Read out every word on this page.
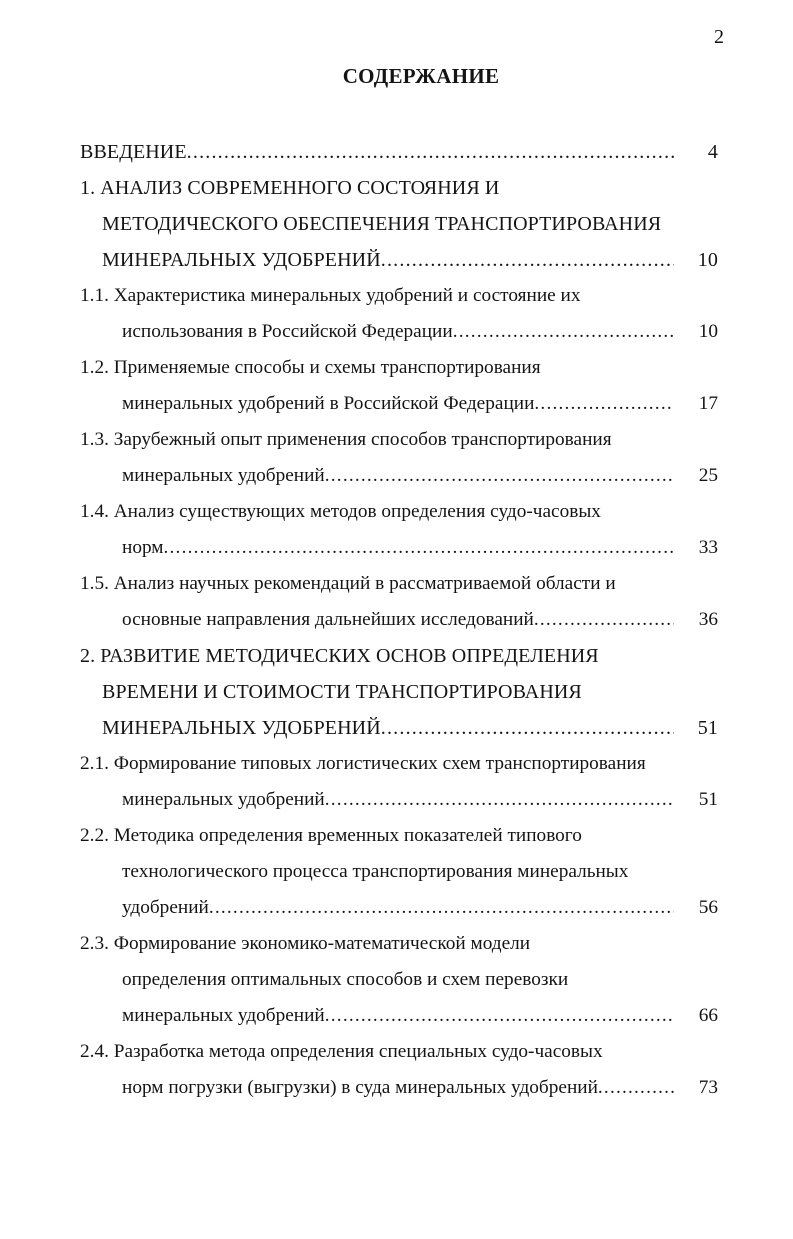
2
СОДЕРЖАНИЕ
ВВЕДЕНИЕ .....	4
1. АНАЛИЗ СОВРЕМЕННОГО СОСТОЯНИЯ И
МЕТОДИЧЕСКОГО ОБЕСПЕЧЕНИЯ ТРАНСПОРТИРОВАНИЯ
МИНЕРАЛЬНЫХ УДОБРЕНИЙ .....	10
1.1. Характеристика минеральных удобрений и состояние их
использования в Российской Федерации .....	10
1.2. Применяемые способы и схемы транспортирования
минеральных удобрений в Российской Федерации .....	17
1.3. Зарубежный опыт применения способов транспортирования
минеральных удобрений .....	25
1.4. Анализ существующих методов определения судо-часовых
норм .....	33
1.5. Анализ научных рекомендаций в рассматриваемой области и
основные направления дальнейших исследований .....	36
2. РАЗВИТИЕ МЕТОДИЧЕСКИХ ОСНОВ ОПРЕДЕЛЕНИЯ
ВРЕМЕНИ И СТОИМОСТИ ТРАНСПОРТИРОВАНИЯ
МИНЕРАЛЬНЫХ УДОБРЕНИЙ .....	51
2.1. Формирование типовых логистических схем транспортирования
минеральных удобрений .....	51
2.2. Методика определения временных показателей типового
технологического процесса транспортирования минеральных
удобрений .....	56
2.3. Формирование экономико-математической модели
определения оптимальных способов и схем перевозки
минеральных удобрений .....	66
2.4. Разработка метода определения специальных судо-часовых
норм погрузки (выгрузки) в суда минеральных удобрений .....	73
